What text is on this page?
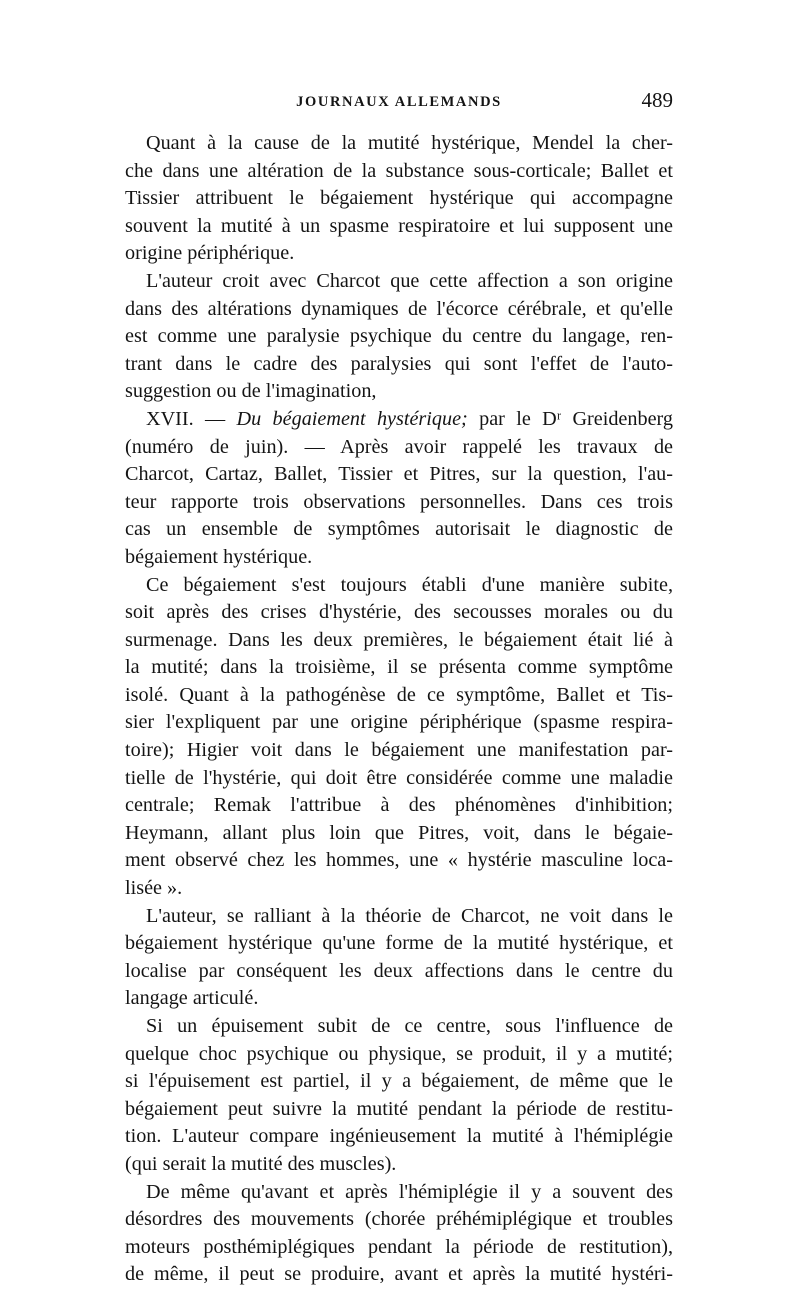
JOURNAUX ALLEMANDS	489

Quant à la cause de la mutité hystérique, Mendel la cher-
che dans une altération de la substance sous-corticale; Ballet et
Tissier attribuent le bégaiement hystérique qui accompagne
souvent la mutité à un spasme respiratoire et lui supposent une
origine périphérique.

L'auteur croit avec Charcot que cette affection a son origine
dans des altérations dynamiques de l'écorce cérébrale, et qu'elle
est comme une paralysie psychique du centre du langage, ren-
trant dans le cadre des paralysies qui sont l'effet de l'auto-
suggestion ou de l'imagination,

XVII. — Du bégaiement hystérique; par le Dʳ Greidenberg
(numéro de juin). — Après avoir rappelé les travaux de
Charcot, Cartaz, Ballet, Tissier et Pitres, sur la question, l'au-
teur rapporte trois observations personnelles. Dans ces trois
cas un ensemble de symptômes autorisait le diagnostic de
bégaiement hystérique.

Ce bégaiement s'est toujours établi d'une manière subite,
soit après des crises d'hystérie, des secousses morales ou du
surmenage. Dans les deux premières, le bégaiement était lié à
la mutité; dans la troisième, il se présenta comme symptôme
isolé. Quant à la pathogénèse de ce symptôme, Ballet et Tis-
sier l'expliquent par une origine périphérique (spasme respira-
toire); Higier voit dans le bégaiement une manifestation par-
tielle de l'hystérie, qui doit être considérée comme une maladie
centrale; Remak l'attribue à des phénomènes d'inhibition;
Heymann, allant plus loin que Pitres, voit, dans le bégaie-
ment observé chez les hommes, une « hystérie masculine loca-
lisée ».

L'auteur, se ralliant à la théorie de Charcot, ne voit dans le
bégaiement hystérique qu'une forme de la mutité hystérique, et
localise par conséquent les deux affections dans le centre du
langage articulé.

Si un épuisement subit de ce centre, sous l'influence de
quelque choc psychique ou physique, se produit, il y a mutité;
si l'épuisement est partiel, il y a bégaiement, de même que le
bégaiement peut suivre la mutité pendant la période de restitu-
tion. L'auteur compare ingénieusement la mutité à l'hémiplégie
(qui serait la mutité des muscles).

De même qu'avant et après l'hémiplégie il y a souvent des
désordres des mouvements (chorée préhémiplégique et troubles
moteurs posthémiplégiques pendant la période de restitution),
de même, il peut se produire, avant et après la mutité hystéri-
